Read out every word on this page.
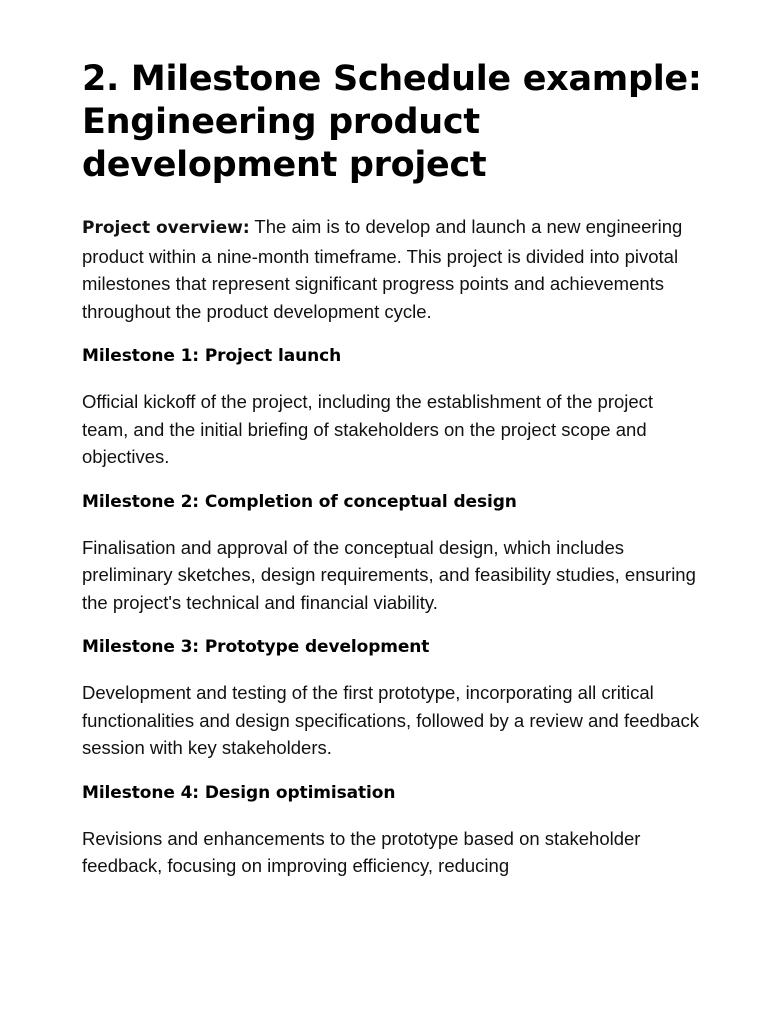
2. Milestone Schedule example: Engineering product development project

Project overview: The aim is to develop and launch a new engineering product within a nine-month timeframe. This project is divided into pivotal milestones that represent significant progress points and achievements throughout the product development cycle.

Milestone 1: Project launch

Official kickoff of the project, including the establishment of the project team, and the initial briefing of stakeholders on the project scope and objectives.

Milestone 2: Completion of conceptual design

Finalisation and approval of the conceptual design, which includes preliminary sketches, design requirements, and feasibility studies, ensuring the project's technical and financial viability.

Milestone 3: Prototype development

Development and testing of the first prototype, incorporating all critical functionalities and design specifications, followed by a review and feedback session with key stakeholders.

Milestone 4: Design optimisation

Revisions and enhancements to the prototype based on stakeholder feedback, focusing on improving efficiency, reducing
